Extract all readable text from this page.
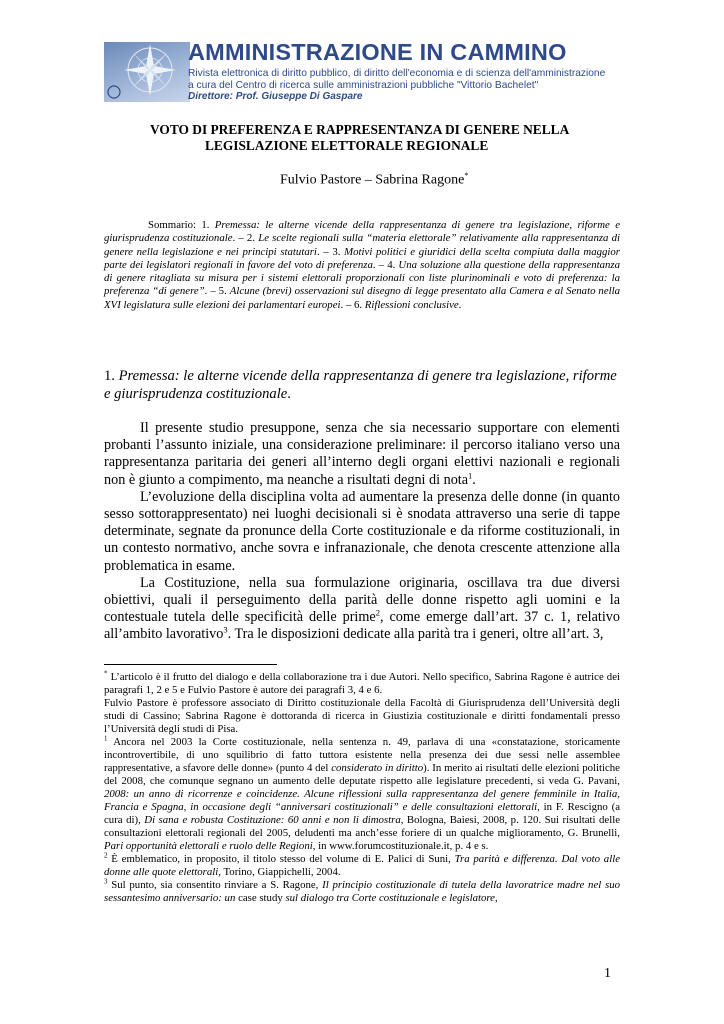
AMMINISTRAZIONE IN CAMMINO
Rivista elettronica di diritto pubblico, di diritto dell'economia e di scienza dell'amministrazione
a cura del Centro di ricerca sulle amministrazioni pubbliche "Vittorio Bachelet"
Direttore: Prof. Giuseppe Di Gaspare
VOTO DI PREFERENZA E RAPPRESENTANZA DI GENERE NELLA
LEGISLAZIONE ELETTORALE REGIONALE
Fulvio Pastore – Sabrina Ragone*
Sommario: 1. Premessa: le alterne vicende della rappresentanza di genere tra legislazione, riforme e giurisprudenza costituzionale. – 2. Le scelte regionali sulla “materia elettorale” relativamente alla rappresentanza di genere nella legislazione e nei principi statutari. – 3. Motivi politici e giuridici della scelta compiuta dalla maggior parte dei legislatori regionali in favore del voto di preferenza. – 4. Una soluzione alla questione della rappresentanza di genere ritagliata su misura per i sistemi elettorali proporzionali con liste plurinominali e voto di preferenza: la preferenza “di genere”. – 5. Alcune (brevi) osservazioni sul disegno di legge presentato alla Camera e al Senato nella XVI legislatura sulle elezioni dei parlamentari europei. – 6. Riflessioni conclusive.
1. Premessa: le alterne vicende della rappresentanza di genere tra legislazione, riforme e giurisprudenza costituzionale.

Il presente studio presuppone, senza che sia necessario supportare con elementi probanti l’assunto iniziale, una considerazione preliminare: il percorso italiano verso una rappresentanza paritaria dei generi all’interno degli organi elettivi nazionali e regionali non è giunto a compimento, ma neanche a risultati degni di nota$^1$.

L’evoluzione della disciplina volta ad aumentare la presenza delle donne (in quanto sesso sottorappresentato) nei luoghi decisionali si è snodata attraverso una serie di tappe determinate, segnate da pronunce della Corte costituzionale e da riforme costituzionali, in un contesto normativo, anche sovra e infranazionale, che denota crescente attenzione alla problematica in esame.

La Costituzione, nella sua formulazione originaria, oscillava tra due diversi obiettivi, quali il perseguimento della parità delle donne rispetto agli uomini e la contestuale tutela delle specificità delle prime$^2$, come emerge dall’art. 37 c. 1, relativo all’ambito lavorativo$^3$. Tra le disposizioni dedicate alla parità tra i generi, oltre all’art. 3,

* L’articolo è il frutto del dialogo e della collaborazione tra i due Autori. Nello specifico, Sabrina Ragone è autrice dei paragrafi 1, 2 e 5 e Fulvio Pastore è autore dei paragrafi 3, 4 e 6.

Fulvio Pastore è professore associato di Diritto costituzionale della Facoltà di Giurisprudenza dell’Università degli studi di Cassino; Sabrina Ragone è dottoranda di ricerca in Giustizia costituzionale e diritti fondamentali presso l’Università degli studi di Pisa.

$^1$ Ancora nel 2003 la Corte costituzionale, nella sentenza n. 49, parlava di una «constatazione, storicamente incontrovertibile, di uno squilibrio di fatto tuttora esistente nella presenza dei due sessi nelle assemblee rappresentative, a sfavore delle donne» (punto 4 del considerato in diritto). In merito ai risultati delle elezioni politiche del 2008, che comunque segnano un aumento delle deputate rispetto alle legislature precedenti, si veda G. Pavani, 2008: un anno di ricorrenze e coincidenze. Alcune riflessioni sulla rappresentanza del genere femminile in Italia, Francia e Spagna, in occasione degli “anniversari costituzionali” e delle consultazioni elettorali, in F. Rescigno (a cura di), Di sana e robusta Costituzione: 60 anni e non li dimostra, Bologna, Baiesi, 2008, p. 120. Sui risultati delle consultazioni elettorali regionali del 2005, deludenti ma anch’esse foriere di un qualche miglioramento, G. Brunelli, Pari opportunità elettorali e ruolo delle Regioni, in www.forumcostituzionale.it, p. 4 e s.

$^2$ È emblematico, in proposito, il titolo stesso del volume di E. Palici di Suni, Tra parità e differenza. Dal voto alle donne alle quote elettorali, Torino, Giappichelli, 2004.

$^3$ Sul punto, sia consentito rinviare a S. Ragone, Il principio costituzionale di tutela della lavoratrice madre nel suo sessantesimo anniversario: un case study sul dialogo tra Corte costituzionale e legislatore,

1
